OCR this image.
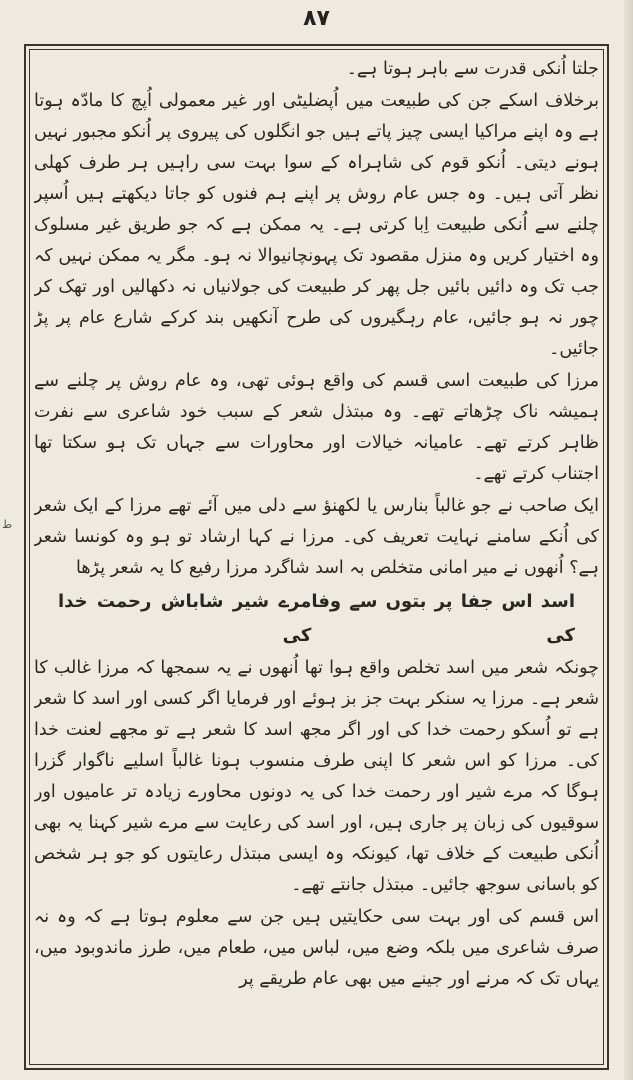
۸۷
ط

جلتا اُنکی قدرت سے باہر ہوتا ہے۔

برخلاف اسکے جن کی طبیعت میں اُپضلیٹی اور غیر معمولی اُپچ کا مادّہ ہوتا ہے وہ اپنے مراکیا ایسی چیز پاتے ہیں جو انگلوں کی پیروی پر اُنکو مجبور نہیں ہونے دیتی۔ اُنکو قوم کی شاہراہ کے سوا بہت سی راہیں ہر طرف کھلی نظر آتی ہیں۔ وہ جس عام روش پر اپنے ہم فنوں کو جاتا دیکھتے ہیں اُسپر چلنے سے اُنکی طبیعت اِبا کرتی ہے۔ یہ ممکن ہے کہ جو طریق غیر مسلوک وہ اختیار کریں وہ منزل مقصود تک پہونچانیوالا نہ ہو۔ مگر یہ ممکن نہیں کہ جب تک وہ دائیں بائیں جل پھر کر طبیعت کی جولانیاں نہ دکھالیں اور تھک کر چور نہ ہو جائیں، عام رہگیروں کی طرح آنکھیں بند کرکے شارع عام پر پڑ جائیں۔

مرزا کی طبیعت اسی قسم کی واقع ہوئی تھی، وہ عام روش پر چلنے سے ہمیشہ ناک چڑھاتے تھے۔ وہ مبتذل شعر کے سبب خود شاعری سے نفرت ظاہر کرتے تھے۔ عامیانہ خیالات اور محاورات سے جہاں تک ہو سکتا تھا اجتناب کرتے تھے۔

ایک صاحب نے جو غالباً بنارس یا لکھنؤ سے دلی میں آئے تھے مرزا کے ایک شعر کی اُنکے سامنے نہایت تعریف کی۔ مرزا نے کہا ارشاد تو ہو وہ کونسا شعر ہے؟ اُنھوں نے میر امانی متخلص بہ اسد شاگرد مرزا رفیع کا یہ شعر پڑھا

اسد اس جفا پر بتوں سے وفا کی
مرے شیر شاباش رحمت خدا کی

چونکہ شعر میں اسد تخلص واقع ہوا تھا اُنھوں نے یہ سمجھا کہ مرزا غالب کا شعر ہے۔ مرزا یہ سنکر بہت جز بز ہوئے اور فرمایا اگر کسی اور اسد کا شعر ہے تو اُسکو رحمت خدا کی اور اگر مجھ اسد کا شعر ہے تو مجھے لعنت خدا کی۔ مرزا کو اس شعر کا اپنی طرف منسوب ہونا غالباً اسلیے ناگوار گزرا ہوگا کہ مرے شیر اور رحمت خدا کی یہ دونوں محاورے زیادہ تر عامیوں اور سوقیوں کی زبان پر جاری ہیں، اور اسد کی رعایت سے مرے شیر کہنا یہ بھی اُنکی طبیعت کے خلاف تھا، کیونکہ وہ ایسی مبتذل رعایتوں کو جو ہر شخص کو باسانی سوجھ جائیں۔ مبتذل جانتے تھے۔

اس قسم کی اور بہت سی حکایتیں ہیں جن سے معلوم ہوتا ہے کہ وہ نہ صرف شاعری میں بلکہ وضع میں، لباس میں، طعام میں، طرز ماندوبود میں، یہاں تک کہ مرنے اور جینے میں بھی عام طریقے پر
